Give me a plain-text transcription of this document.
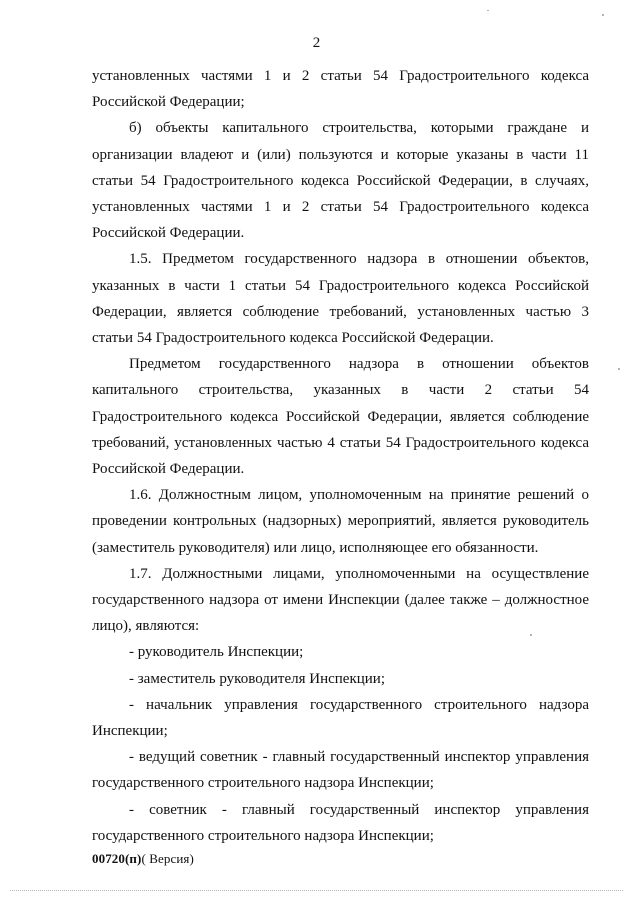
2

установленных частями 1 и 2 статьи 54 Градостроительного кодекса Российской Федерации;

б) объекты капитального строительства, которыми граждане и организации владеют и (или) пользуются и которые указаны в части 11 статьи 54 Градостроительного кодекса Российской Федерации, в случаях, установленных частями 1 и 2 статьи 54 Градостроительного кодекса Российской Федерации.

1.5. Предметом государственного надзора в отношении объектов, указанных в части 1 статьи 54 Градостроительного кодекса Российской Федерации, является соблюдение требований, установленных частью 3 статьи 54 Градостроительного кодекса Российской Федерации.

Предметом государственного надзора в отношении объектов капитального строительства, указанных в части 2 статьи 54 Градостроительного кодекса Российской Федерации, является соблюдение требований, установленных частью 4 статьи 54 Градостроительного кодекса Российской Федерации.

1.6. Должностным лицом, уполномоченным на принятие решений о проведении контрольных (надзорных) мероприятий, является руководитель (заместитель руководителя) или лицо, исполняющее его обязанности.

1.7. Должностными лицами, уполномоченными на осуществление государственного надзора от имени Инспекции (далее также – должностное лицо), являются:

- руководитель Инспекции;

- заместитель руководителя Инспекции;

- начальник управления государственного строительного надзора Инспекции;

- ведущий советник - главный государственный инспектор управления государственного строительного надзора Инспекции;

- советник - главный государственный инспектор управления государственного строительного надзора Инспекции;

00720(п)( Версия)
